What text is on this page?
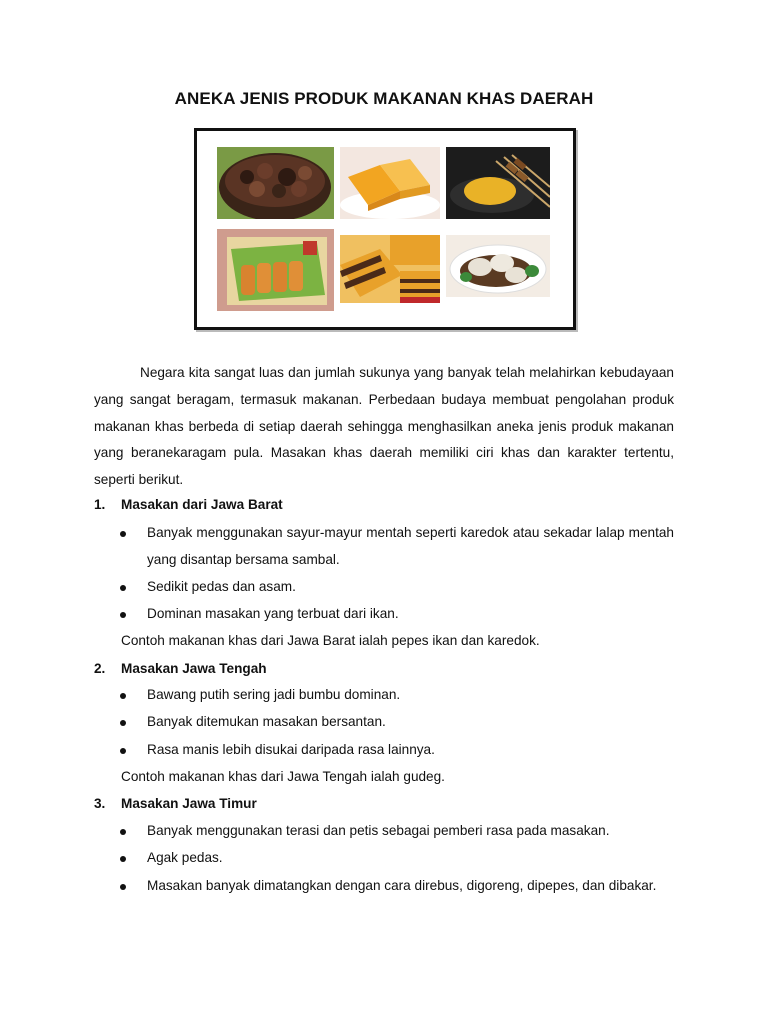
ANEKA JENIS PRODUK MAKANAN KHAS DAERAH

Negara kita sangat luas dan jumlah sukunya yang banyak telah melahirkan kebudayaan yang sangat beragam, termasuk makanan. Perbedaan budaya membuat pengolahan produk makanan khas berbeda di setiap daerah sehingga menghasilkan aneka jenis produk makanan yang beranekaragam pula. Masakan khas daerah memiliki ciri khas dan karakter tertentu, seperti berikut.

1. Masakan dari Jawa Barat

Banyak menggunakan sayur-mayur mentah seperti karedok atau sekadar lalap mentah yang disantap bersama sambal.

Sedikit pedas dan asam.

Dominan masakan yang terbuat dari ikan.

Contoh makanan khas dari Jawa Barat ialah pepes ikan dan karedok.
2. Masakan Jawa Tengah

Bawang putih sering jadi bumbu dominan.

Banyak ditemukan masakan bersantan.

Rasa manis lebih disukai daripada rasa lainnya.

Contoh makanan khas dari Jawa Tengah ialah gudeg.
3. Masakan Jawa Timur

Banyak menggunakan terasi dan petis sebagai pemberi rasa pada masakan.

Agak pedas.

Masakan banyak dimatangkan dengan cara direbus, digoreng, dipepes, dan dibakar.
